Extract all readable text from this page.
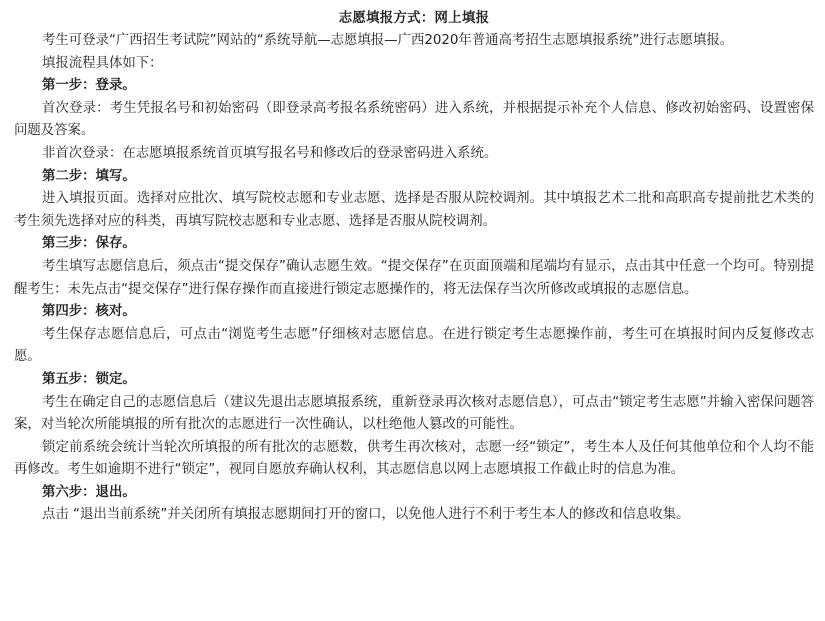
志愿填报方式：网上填报

考生可登录“广西招生考试院”网站的“系统导航—志愿填报—广西2020年普通高考招生志愿填报系统”进行志愿填报。

填报流程具体如下：

第一步：登录。

首次登录：考生凭报名号和初始密码（即登录高考报名系统密码）进入系统，并根据提示补充个人信息、修改初始密码、设置密保问题及答案。

非首次登录：在志愿填报系统首页填写报名号和修改后的登录密码进入系统。

第二步：填写。

进入填报页面。选择对应批次、填写院校志愿和专业志愿、选择是否服从院校调剂。其中填报艺术二批和高职高专提前批艺术类的考生须先选择对应的科类，再填写院校志愿和专业志愿、选择是否服从院校调剂。

第三步：保存。

考生填写志愿信息后，须点击“提交保存”确认志愿生效。“提交保存”在页面顶端和尾端均有显示，点击其中任意一个均可。特别提醒考生：未先点击“提交保存”进行保存操作而直接进行锁定志愿操作的，将无法保存当次所修改或填报的志愿信息。

第四步：核对。

考生保存志愿信息后，可点击“浏览考生志愿”仔细核对志愿信息。在进行锁定考生志愿操作前，考生可在填报时间内反复修改志愿。

第五步：锁定。

考生在确定自己的志愿信息后（建议先退出志愿填报系统，重新登录再次核对志愿信息），可点击“锁定考生志愿”并输入密保问题答案，对当轮次所能填报的所有批次的志愿进行一次性确认，以杜绝他人篡改的可能性。

锁定前系统会统计当轮次所填报的所有批次的志愿数，供考生再次核对，志愿一经“锁定”，考生本人及任何其他单位和个人均不能再修改。考生如逾期不进行“锁定”，视同自愿放弃确认权利，其志愿信息以网上志愿填报工作截止时的信息为准。

第六步：退出。

点击 “退出当前系统”并关闭所有填报志愿期间打开的窗口，以免他人进行不利于考生本人的修改和信息收集。
